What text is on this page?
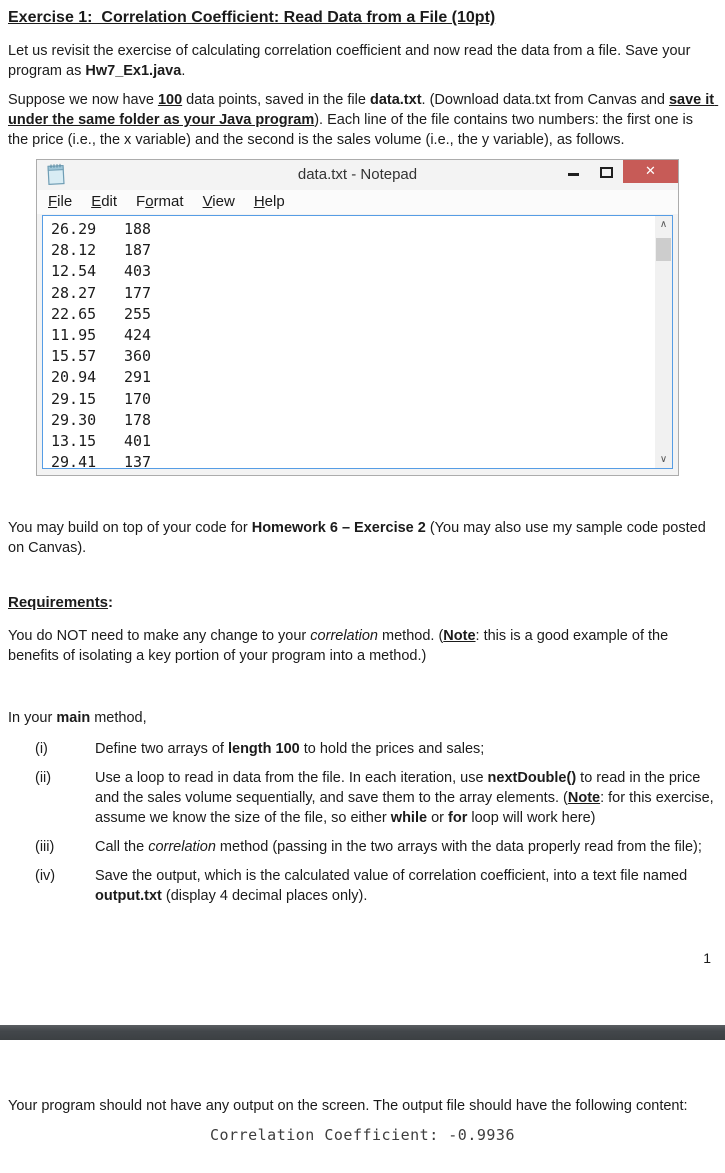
Exercise 1:  Correlation Coefficient: Read Data from a File (10pt)

Let us revisit the exercise of calculating correlation coefficient and now read the data from a file. Save your program as Hw7_Ex1.java.

Suppose we now have 100 data points, saved in the file data.txt. (Download data.txt from Canvas and save it under the same folder as your Java program). Each line of the file contains two numbers: the first one is the price (i.e., the x variable) and the second is the sales volume (i.e., the y variable), as follows.

data.txt - Notepad	✕
File Edit Format View Help
26.29 188
28.12 187
12.54 403
28.27 177
22.65 255
11.95 424
15.57 360
20.94 291
29.15 170
29.30 178
13.15 401
29.41 137
∧
∨

You may build on top of your code for Homework 6 – Exercise 2 (You may also use my sample code posted on Canvas).

Requirements:

You do NOT need to make any change to your correlation method. (Note: this is a good example of the benefits of isolating a key portion of your program into a method.)

In your main method,

(i)	Define two arrays of length 100 to hold the prices and sales;
(ii)	Use a loop to read in data from the file. In each iteration, use nextDouble() to read in the price and the sales volume sequentially, and save them to the array elements. (Note: for this exercise, assume we know the size of the file, so either while or for loop will work here)
(iii)	Call the correlation method (passing in the two arrays with the data properly read from the file);
(iv)	Save the output, which is the calculated value of correlation coefficient, into a text file named output.txt (display 4 decimal places only).
1

Your program should not have any output on the screen. The output file should have the following content:

Correlation Coefficient: -0.9936
